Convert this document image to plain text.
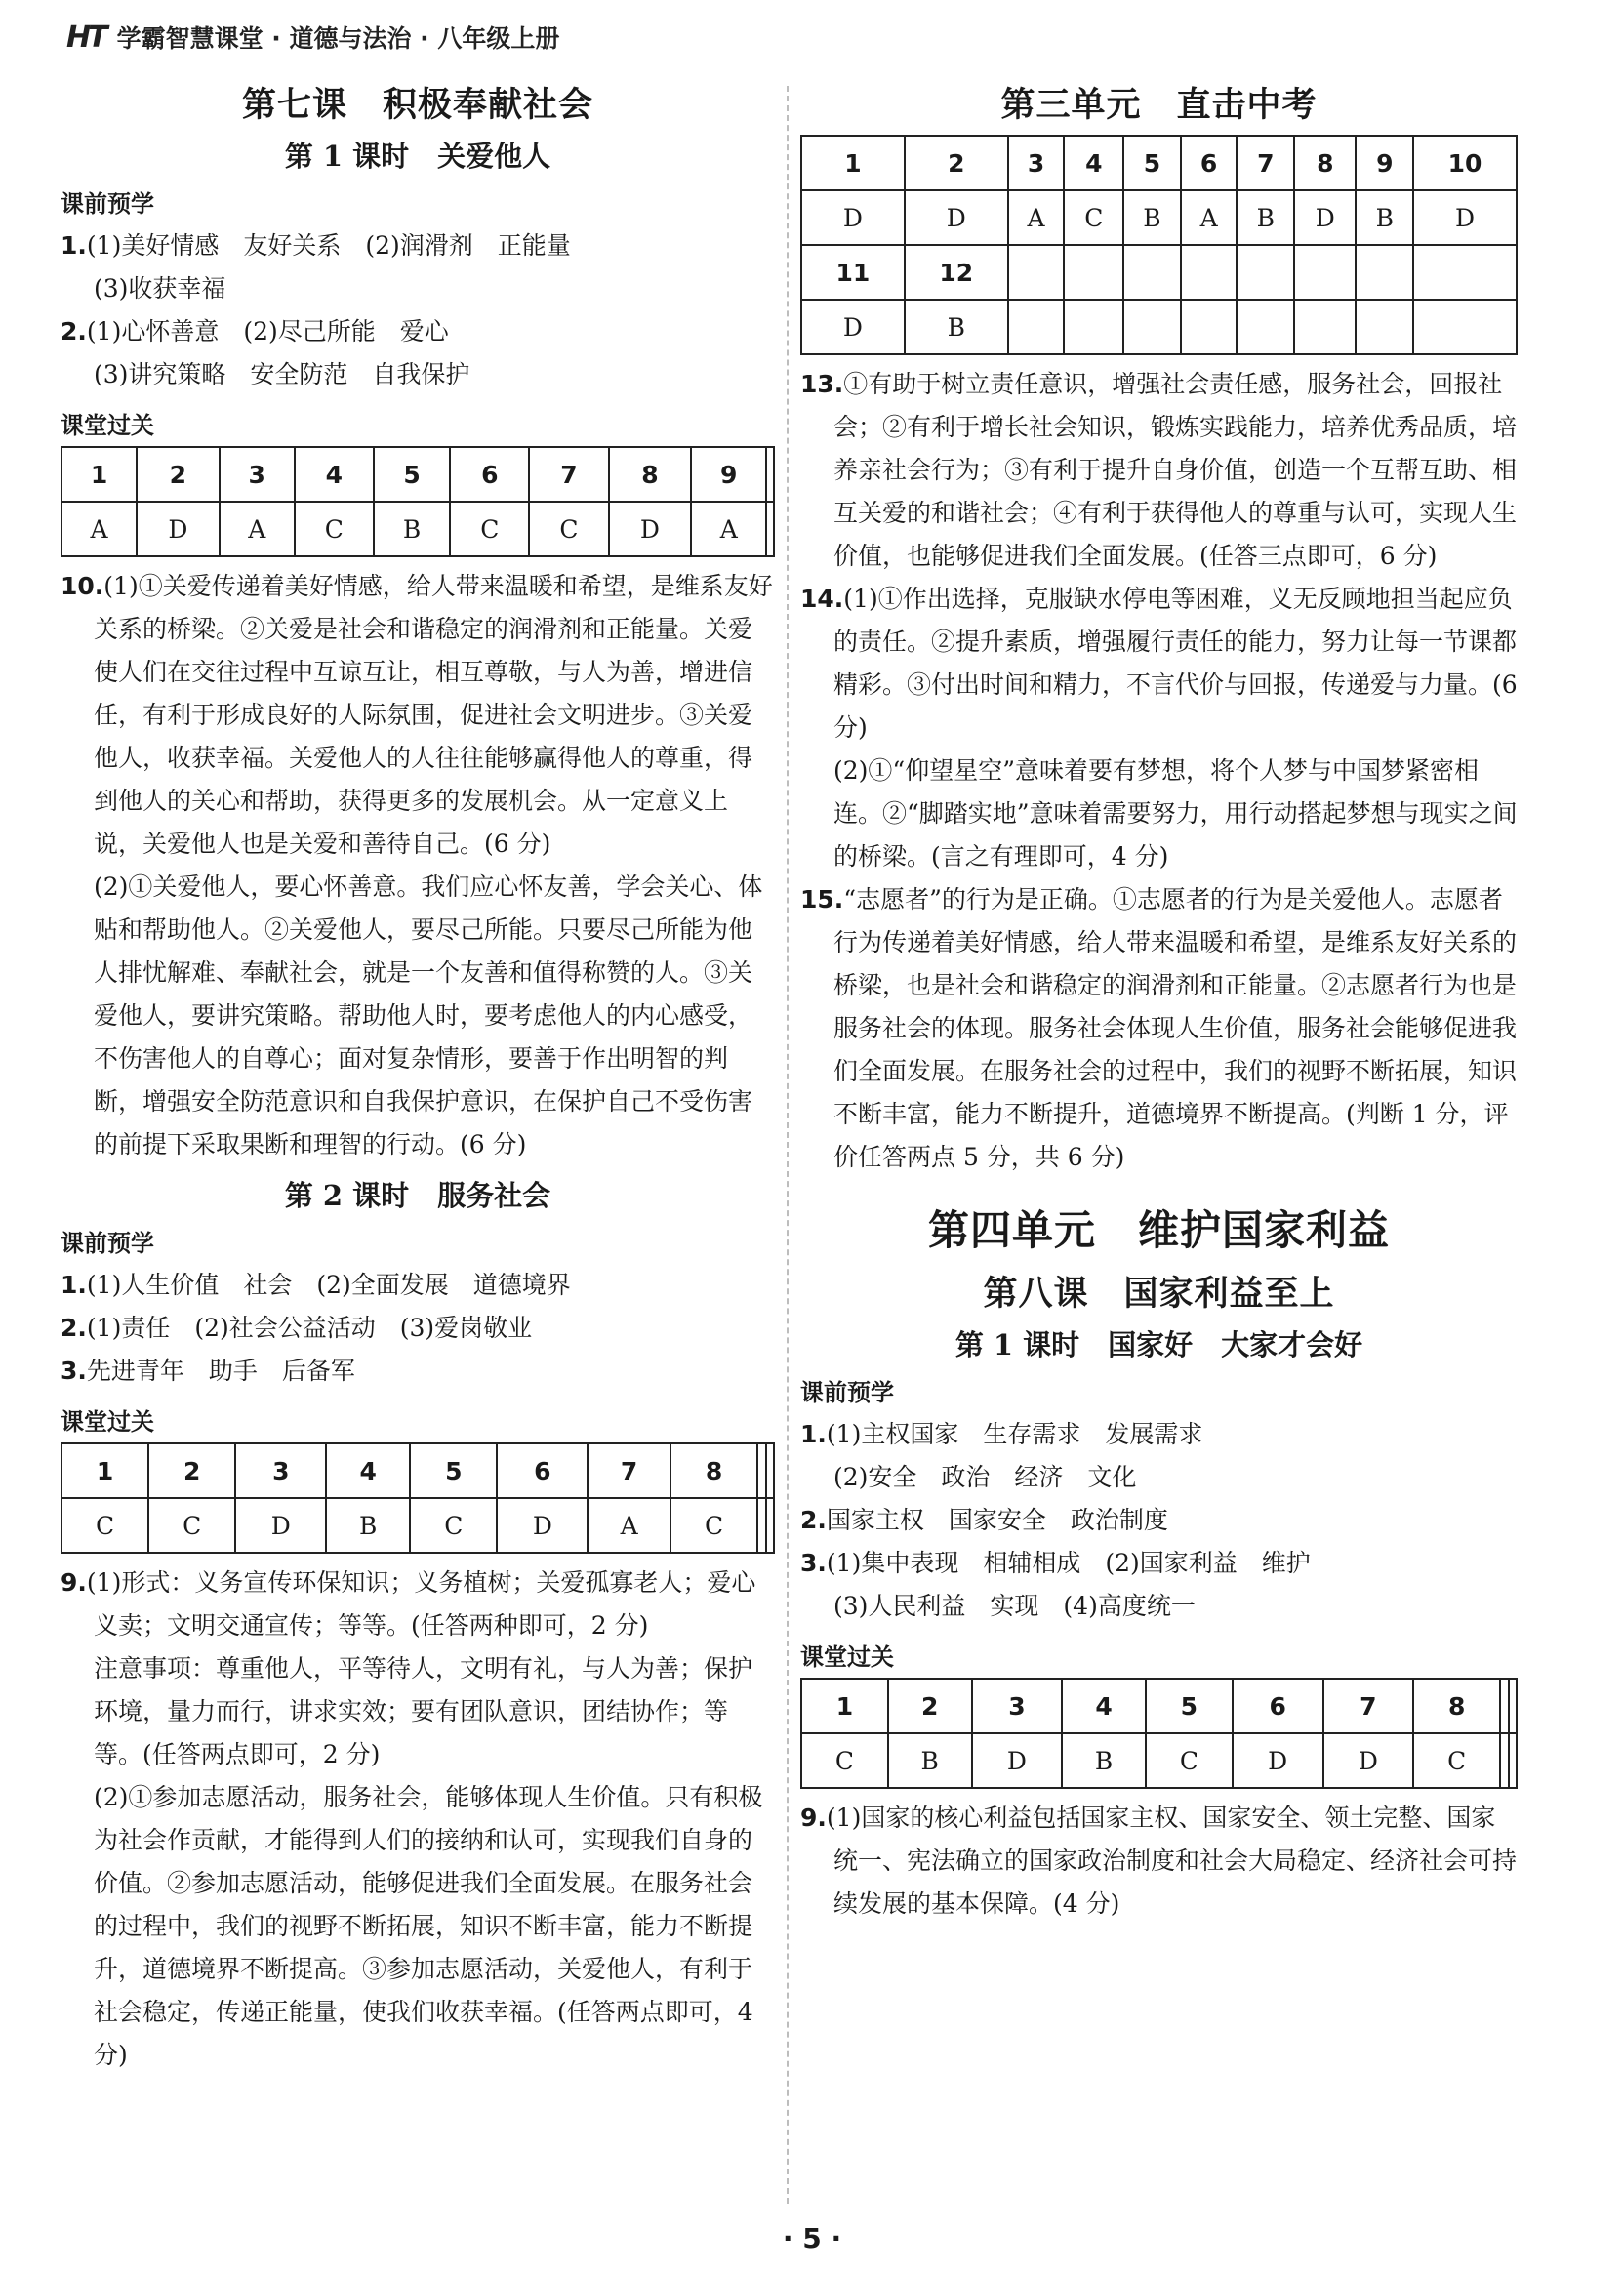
HT 学霸智慧课堂 · 道德与法治 · 八年级上册
第七课　积极奉献社会
第 1 课时　关爱他人
课前预学

1.(1)美好情感　友好关系　(2)润滑剂　正能量

(3)收获幸福

2.(1)心怀善意　(2)尽己所能　爱心

(3)讲究策略　安全防范　自我保护

课堂过关
1	2	3	4	5	6	7	8	9	
A	D	A	C	B	C	C	D	A	

10.(1)①关爱传递着美好情感，给人带来温暖和希望，是维系友好关系的桥梁。②关爱是社会和谐稳定的润滑剂和正能量。关爱使人们在交往过程中互谅互让，相互尊敬，与人为善，增进信任，有利于形成良好的人际氛围，促进社会文明进步。③关爱他人，收获幸福。关爱他人的人往往能够赢得他人的尊重，得到他人的关心和帮助，获得更多的发展机会。从一定意义上说，关爱他人也是关爱和善待自己。(6 分)

(2)①关爱他人，要心怀善意。我们应心怀友善，学会关心、体贴和帮助他人。②关爱他人，要尽己所能。只要尽己所能为他人排忧解难、奉献社会，就是一个友善和值得称赞的人。③关爱他人，要讲究策略。帮助他人时，要考虑他人的内心感受，不伤害他人的自尊心；面对复杂情形，要善于作出明智的判断，增强安全防范意识和自我保护意识，在保护自己不受伤害的前提下采取果断和理智的行动。(6 分)

第 2 课时　服务社会
课前预学

1.(1)人生价值　社会　(2)全面发展　道德境界

2.(1)责任　(2)社会公益活动　(3)爱岗敬业

3.先进青年　助手　后备军

课堂过关
1	2	3	4	5	6	7	8		
C	C	D	B	C	D	A	C		

9.(1)形式：义务宣传环保知识；义务植树；关爱孤寡老人；爱心义卖；文明交通宣传；等等。(任答两种即可，2 分)

注意事项：尊重他人，平等待人，文明有礼，与人为善；保护环境，量力而行，讲求实效；要有团队意识，团结协作；等等。(任答两点即可，2 分)

(2)①参加志愿活动，服务社会，能够体现人生价值。只有积极为社会作贡献，才能得到人们的接纳和认可，实现我们自身的价值。②参加志愿活动，能够促进我们全面发展。在服务社会的过程中，我们的视野不断拓展，知识不断丰富，能力不断提升，道德境界不断提高。③参加志愿活动，关爱他人，有利于社会稳定，传递正能量，使我们收获幸福。(任答两点即可，4 分)

第三单元　直击中考
1	2	3	4	5	6	7	8	9	10
D	D	A	C	B	A	B	D	B	D
11	12								
D	B								

13.①有助于树立责任意识，增强社会责任感，服务社会，回报社会；②有利于增长社会知识，锻炼实践能力，培养优秀品质，培养亲社会行为；③有利于提升自身价值，创造一个互帮互助、相互关爱的和谐社会；④有利于获得他人的尊重与认可，实现人生价值，也能够促进我们全面发展。(任答三点即可，6 分)

14.(1)①作出选择，克服缺水停电等困难，义无反顾地担当起应负的责任。②提升素质，增强履行责任的能力，努力让每一节课都精彩。③付出时间和精力，不言代价与回报，传递爱与力量。(6 分)

(2)①“仰望星空”意味着要有梦想，将个人梦与中国梦紧密相连。②“脚踏实地”意味着需要努力，用行动搭起梦想与现实之间的桥梁。(言之有理即可，4 分)

15.“志愿者”的行为是正确。①志愿者的行为是关爱他人。志愿者行为传递着美好情感，给人带来温暖和希望，是维系友好关系的桥梁，也是社会和谐稳定的润滑剂和正能量。②志愿者行为也是服务社会的体现。服务社会体现人生价值，服务社会能够促进我们全面发展。在服务社会的过程中，我们的视野不断拓展，知识不断丰富，能力不断提升，道德境界不断提高。(判断 1 分，评价任答两点 5 分，共 6 分)

第四单元　维护国家利益
第八课　国家利益至上
第 1 课时　国家好　大家才会好
课前预学

1.(1)主权国家　生存需求　发展需求

(2)安全　政治　经济　文化

2.国家主权　国家安全　政治制度

3.(1)集中表现　相辅相成　(2)国家利益　维护

(3)人民利益　实现　(4)高度统一

课堂过关
1	2	3	4	5	6	7	8		
C	B	D	B	C	D	D	C		

9.(1)国家的核心利益包括国家主权、国家安全、领土完整、国家统一、宪法确立的国家政治制度和社会大局稳定、经济社会可持续发展的基本保障。(4 分)

· 5 ·
